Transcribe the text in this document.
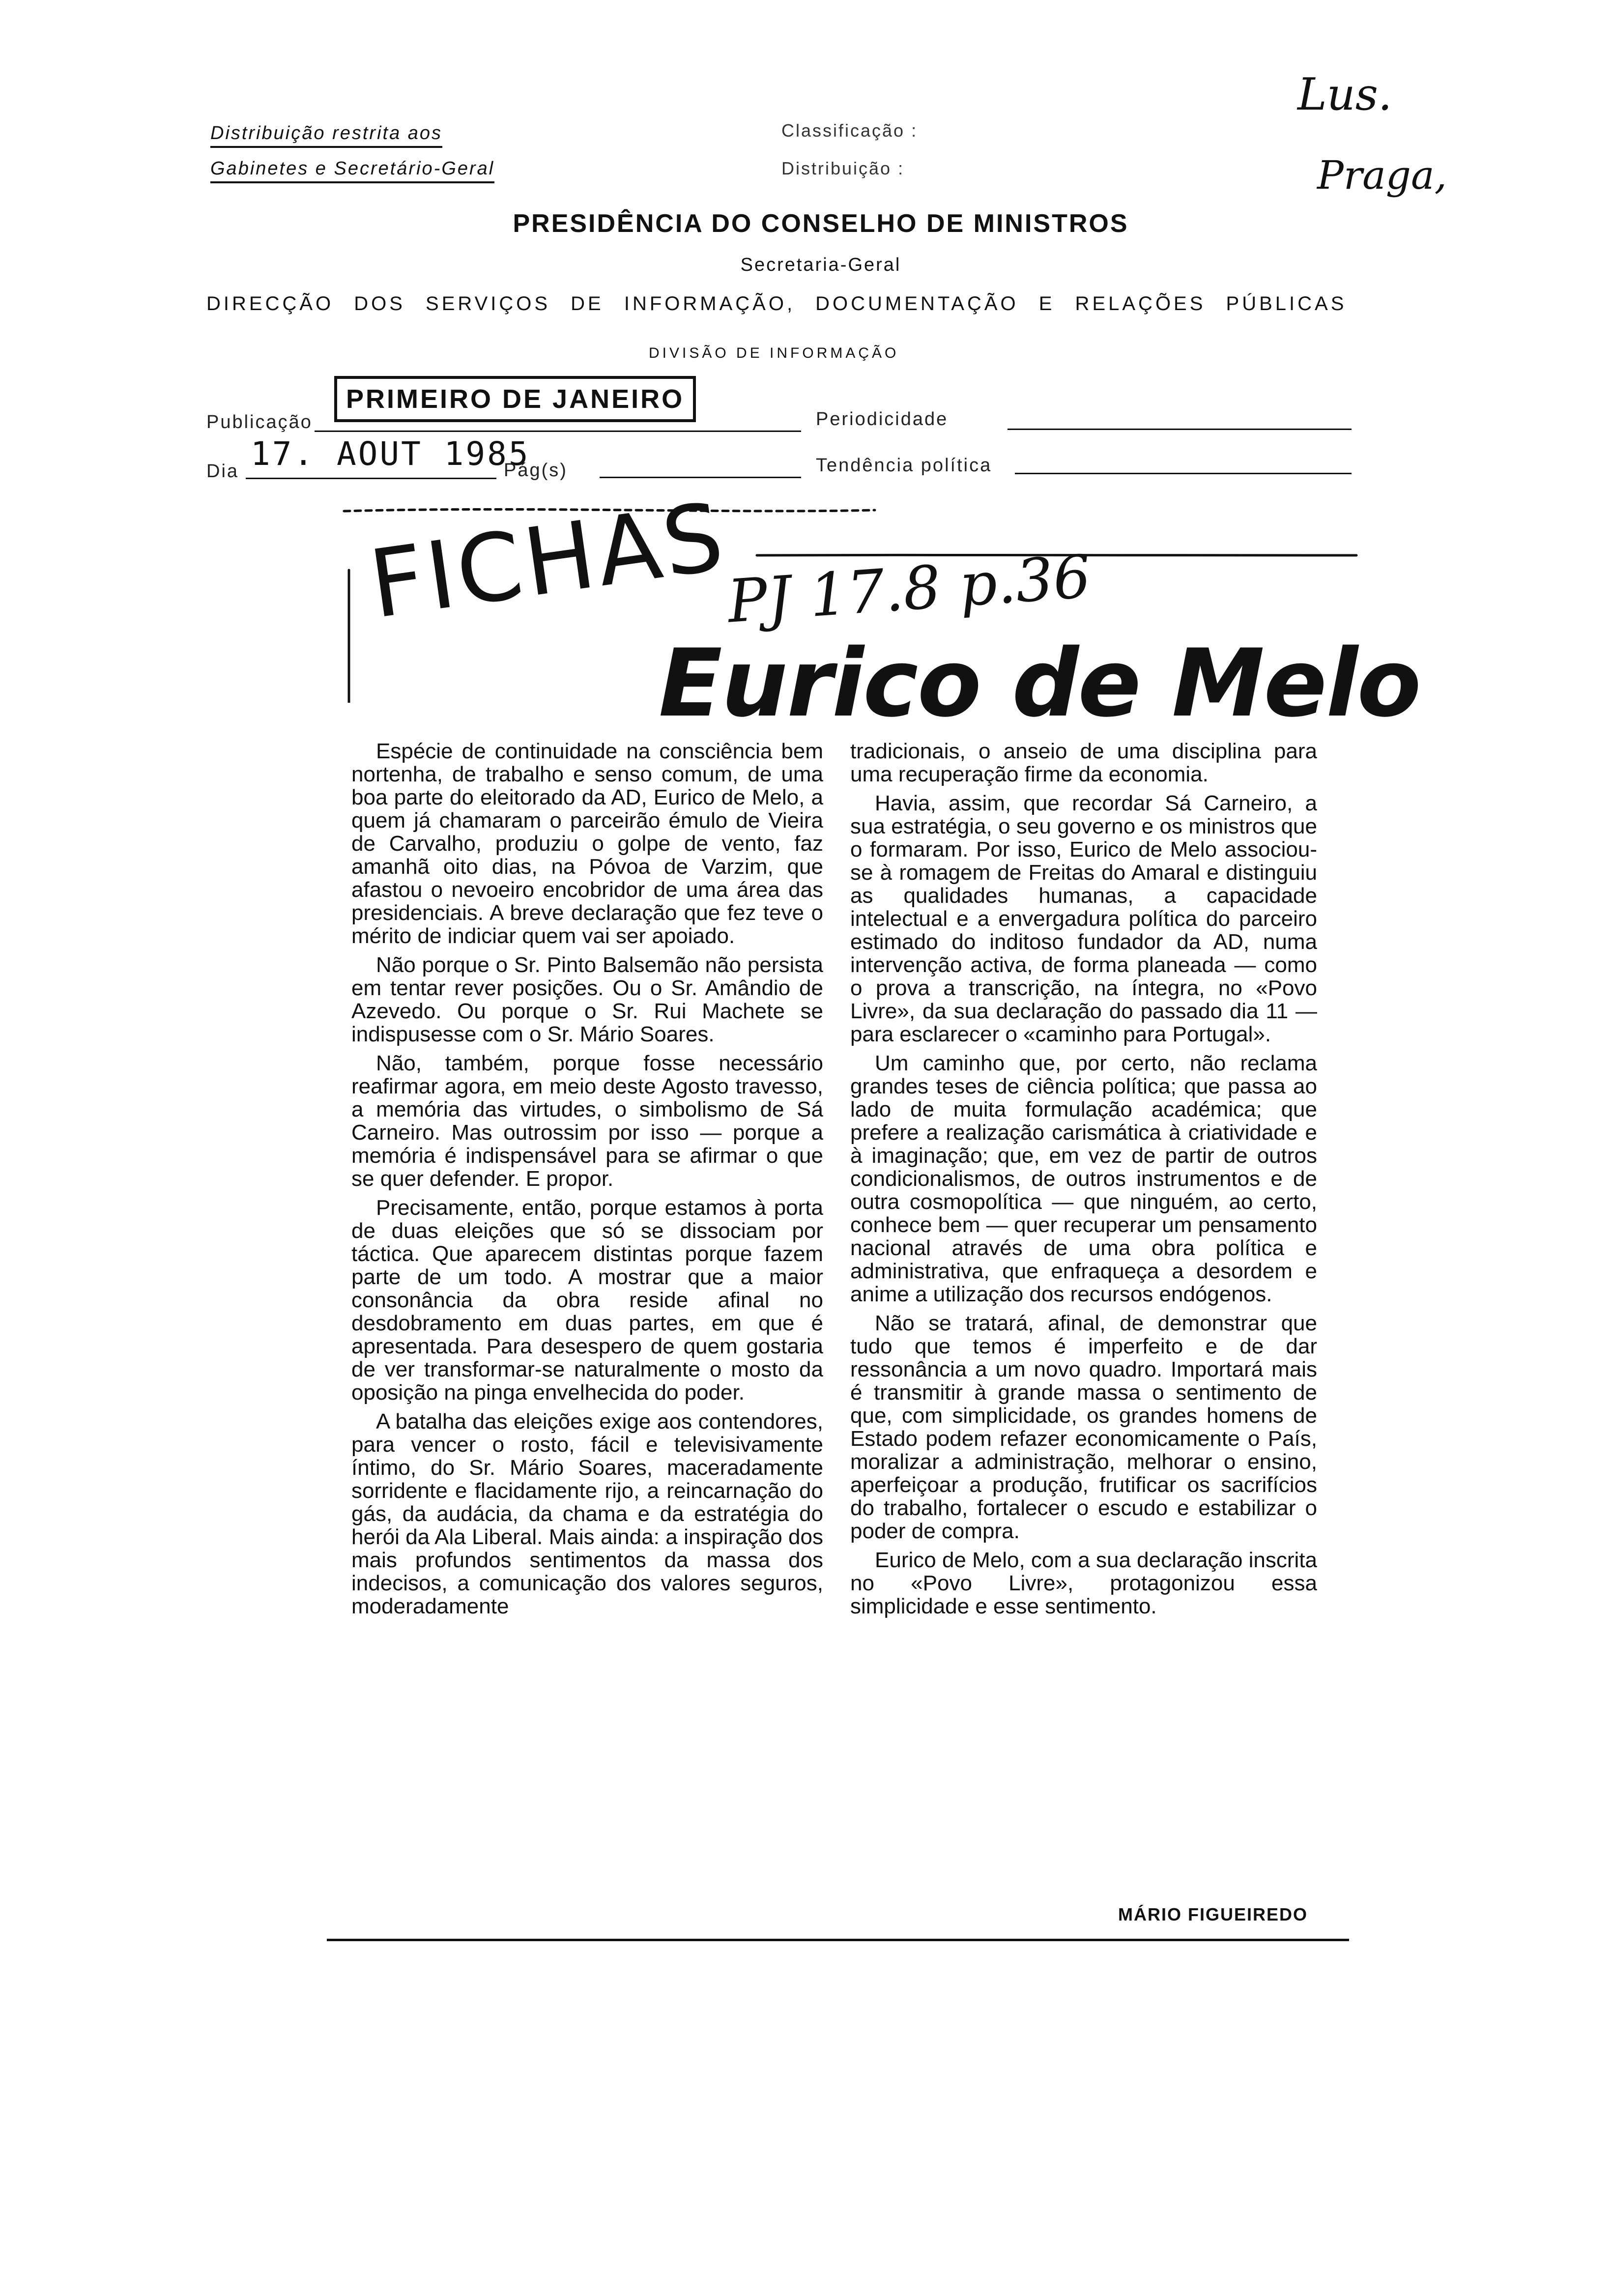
Distribuição restrita aos
Gabinetes e Secretário-Geral
Classificação :
Distribuição :
Lus.
Praga,
PRESIDÊNCIA DO CONSELHO DE MINISTROS
Secretaria-Geral
DIRECÇÃO DOS SERVIÇOS DE INFORMAÇÃO, DOCUMENTAÇÃO E RELAÇÕES PÚBLICAS
DIVISÃO DE INFORMAÇÃO
Publicação
PRIMEIRO DE JANEIRO
Periodicidade
Dia 17. AOUT 1985
Pág(s)	Tendência política
FICHAS
PJ 17.8 p.36
Eurico de Melo

Espécie de continuidade na consciência bem nortenha, de trabalho e senso comum, de uma boa parte do eleitorado da AD, Eurico de Melo, a quem já chamaram o parceirão émulo de Vieira de Carvalho, produziu o golpe de vento, faz amanhã oito dias, na Póvoa de Varzim, que afastou o nevoeiro encobridor de uma área das presidenciais. A breve declaração que fez teve o mérito de indiciar quem vai ser apoiado.

Não porque o Sr. Pinto Balsemão não persista em tentar rever posições. Ou o Sr. Amândio de Azevedo. Ou porque o Sr. Rui Machete se indispusesse com o Sr. Mário Soares.

Não, também, porque fosse necessário reafirmar agora, em meio deste Agosto travesso, a memória das virtudes, o simbolismo de Sá Carneiro. Mas outrossim por isso — porque a memória é indispensável para se afirmar o que se quer defender. E propor.

Precisamente, então, porque estamos à porta de duas eleições que só se dissociam por táctica. Que aparecem distintas porque fazem parte de um todo. A mostrar que a maior consonância da obra reside afinal no desdobramento em duas partes, em que é apresentada. Para desespero de quem gostaria de ver transformar-se naturalmente o mosto da oposição na pinga envelhecida do poder.

A batalha das eleições exige aos contendores, para vencer o rosto, fácil e televisivamente íntimo, do Sr. Mário Soares, maceradamente sorridente e flacidamente rijo, a reincarnação do gás, da audácia, da chama e da estratégia do herói da Ala Liberal. Mais ainda: a inspiração dos mais profundos sentimentos da massa dos indecisos, a comunicação dos valores seguros, moderadamente

tradicionais, o anseio de uma disciplina para uma recuperação firme da economia.

Havia, assim, que recordar Sá Carneiro, a sua estratégia, o seu governo e os ministros que o formaram. Por isso, Eurico de Melo associou-se à romagem de Freitas do Amaral e distinguiu as qualidades humanas, a capacidade intelectual e a envergadura política do parceiro estimado do inditoso fundador da AD, numa intervenção activa, de forma planeada — como o prova a transcrição, na íntegra, no «Povo Livre», da sua declaração do passado dia 11 — para esclarecer o «caminho para Portugal».

Um caminho que, por certo, não reclama grandes teses de ciência política; que passa ao lado de muita formulação académica; que prefere a realização carismática à criatividade e à imaginação; que, em vez de partir de outros condicionalismos, de outros instrumentos e de outra cosmopolítica — que ninguém, ao certo, conhece bem — quer recuperar um pensamento nacional através de uma obra política e administrativa, que enfraqueça a desordem e anime a utilização dos recursos endógenos.

Não se tratará, afinal, de demonstrar que tudo que temos é imperfeito e de dar ressonância a um novo quadro. Importará mais é transmitir à grande massa o sentimento de que, com simplicidade, os grandes homens de Estado podem refazer economicamente o País, moralizar a administração, melhorar o ensino, aperfeiçoar a produção, frutificar os sacrifícios do trabalho, fortalecer o escudo e estabilizar o poder de compra.

Eurico de Melo, com a sua declaração inscrita no «Povo Livre», protagonizou essa simplicidade e esse sentimento.

MÁRIO FIGUEIREDO
